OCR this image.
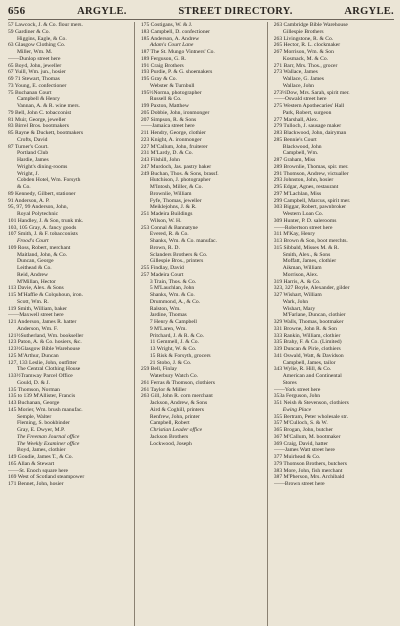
656	ARGYLE.	STREET DIRECTORY.	ARGYLE.
57 Lawcock, J. & Co. flour mers.
59 Gardiner & Co.
Higgins, Eagle, & Co.
63 Glasgow Clothing Co.
Miller, Wm. M.
——Dunlop street here
65 Boyd, John, jeweller
67 Yuill, Wm. jun., hosier
69 71 Stewart, Thomas
73 Young, E. confectioner
75 Buchanan Court
Campbell & Henry
Vannan, A. & R. wine mers.
79 Bell, John C. tobacconist
81 Muir, George, jeweller
83 Birrel Bros. bootmakers
85 Rayne & Duckett, bootmakers
Crofts, David
87 Turner's Court.
Portland Club
Hardie, James
Wright's dining-rooms
Wright, J.
Cobden Hotel, Wm. Forsyth
& Co.
89 Kennedy, Gilbert, stationer
91 Anderson, A. P.
95, 97, 99 Anderson, John,
Royal Polytechnic
101 Handley, J. & Son, trunk mk.
103, 105 Gray, A. fancy goods
107 Smith, J. & F. tobacconists
Frood's Court
109 Ross, Robert, merchant
Maitland, John, & Co.
Duncan, George
Leithead & Co.
Reid, Andrew
M'Millan, Hector
113 Davie, Alex. & Sons
115 M'Haffie & Colquhoun, iron.
Scott, Wm. R.
119 Smith, William, baker
——Maxwell street here
121 Anderson, James R. hatter
Anderson, Wm. F.
121½Sutherland, Wm. bookseller
123 Paton, A. & Co. hosiers, &c.
123½Glasgow Bible Warehouse
125 M'Arthur, Duncan
127, 133 Leslie, John, outfitter
The Central Clothing House
133½Tramway Parcel Office
Gould, D. & J.
135 Thomson, Norman
135 to 139 M'Allister, Francis
143 Buchanan, George
145 Morier, Wm. brush manufac.
Semple, Walter
Fleming, S. bookbinder
Gray, E. Dwyer, M.P.
The Freeman Journal office
The Weekly Examiner office
Boyd, James, clothier
149 Goudie, James T., & Co.
165 Allan & Stewart
——St. Enoch square here
169 West of Scotland steampower
171 Bennet, John, hosier
175 Costigans, W. & J.
183 Campbell, D. confectioner
185 Anderson, A. Andrew
Adam's Court Lane
187 The St. Mungo Vintners' Co.
189 Ferguson, G. R.
191 Craig Brothers
193 Purdie, P. & G. shoemakers
195 Gray & Co.
Webster & Turnbull
195½Norma, photographer
Russell & Co.
199 Paxton, Matthew
205 Dobbie, John, ironmonger
207 Simpson, R. & Sons
——Jamaica street here
211 Hendry, George, clothier
223 Knight, A. ironmonger
227 M'Callum, John, fruiterer
231 M'Lardy, D. & Co.
243 Filshill, John
247 Murdoch, Jas. pastry baker
249 Buchan, Thos. & Sons, brassf.
Hutchison, J. photographer
M'Intosh, Miller, & Co.
Brownlie, William
Fyfe, Thomas, jeweller
Meiklejohns, J. & R.
251 Madeira Buildings
Wilson, W. H.
253 Connal & Bannatyne
Evered, R. & Co.
Shanks, Wm. & Co. manufac.
Brown, R. D.
Sclanders Brothers & Co.
Gillespie Bros., printers
255 Findlay, David
257 Madeira Court
3 Train, Thos. & Co.
5 M'Lauchlan, John
Shanks, Wm. & Co.
Drummond, A., & Co.
Ralston, Wm.
Jardine, Thomas
7 Henry & Campbell
9 M'Laren, Wm.
Pritchard, J. & R. & Co.
11 Gemmell, J. & Co.
13 Wright, W. & Co.
15 Risk & Forsyth, grocers
21 Stobo, J. & Co.
259 Bell, Finlay
Waterbury Watch Co.
261 Ferras & Thomson, clothiers
261 Taylor & Miller
263 Gill, John R. corn merchant
Jackson, Andrew, & Sons
Aird & Coghill, printers
Renfrew, John, printer
Campbell, Robert
Christian Leader office
Jackson Brothers
Lockwood, Joseph
263 Cambridge Bible Warehouse
Gillespie Brothers
263 Livingstone, R. & Co.
265 Hector, R. L. clockmaker
267 Morrison, Wm. & Son
Kosmack, M. & Co.
271 Barr, Mrs. Thos., grocer
273 Wallace, James
Wallace, G. James
Wallace, John
273½Dow, Mrs. Sarah, spirit mer.
——Oswald street here
275 Western Apothecaries' Hall
Park, Robert, surgeon
277 Marshall, Alex.
279 Tulloch, J. sausage maker
283 Blackwood, John, dairyman
285 Bennie's Court
Blackwood, John
Campbell, Wm.
287 Graham, Miss
289 Brownlie, Thomas, spir. mer.
291 Thomson, Andrew, victualler
293 Johnston, John, hosier
295 Edgar, Agnes, restaurant
297 M'Lachlan, Miss
299 Campbell, Marcus, spirit mer.
303 Biggar, Robert, pawnbroker
Western Loan Co.
309 Hunter, P. D. salerooms
——Robertson street here
311 M'Kay, Henry
313 Brown & Son, boot merchts.
315 Sibbald, Misses M. & R.
Smith, Alex., & Sons
Moffatt, James, clothier
Aikman, William
Morrison, Alex.
319 Harris, A. & Co.
323, 327 Boyle, Alexander, gilder
327 Wishart, William
Wark, John
Wishart, Mary
M'Farlane, Duncan, clothier
329 Walls, Thomas, bootmaker
331 Browne, John R. & Son
333 Rankin, William, clothier
335 Brahy, F. & Co. (Limited)
339 Duncan & Pirie, clothiers
341 Oswald, Watt, & Davidson
Campbell, James, tailor
343 Wylie, R. Hill, & Co.
American and Continental
Stores
——York street here
353a Ferguson, John
351 Neish & Stevenson, clothiers
Ewing Place
355 Bertram, Peter wholesale str.
357 M'Culloch, S. & W.
365 Brogan, John, butcher
367 M'Callum, M. bootmaker
369 Craig, David, hatter
——James Watt street here
377 Muirhead & Co.
379 Thomson Brothers, butchers
383 More, John, fish merchant
387 M'Pherson, Mrs. Archibald
——Brown street here
